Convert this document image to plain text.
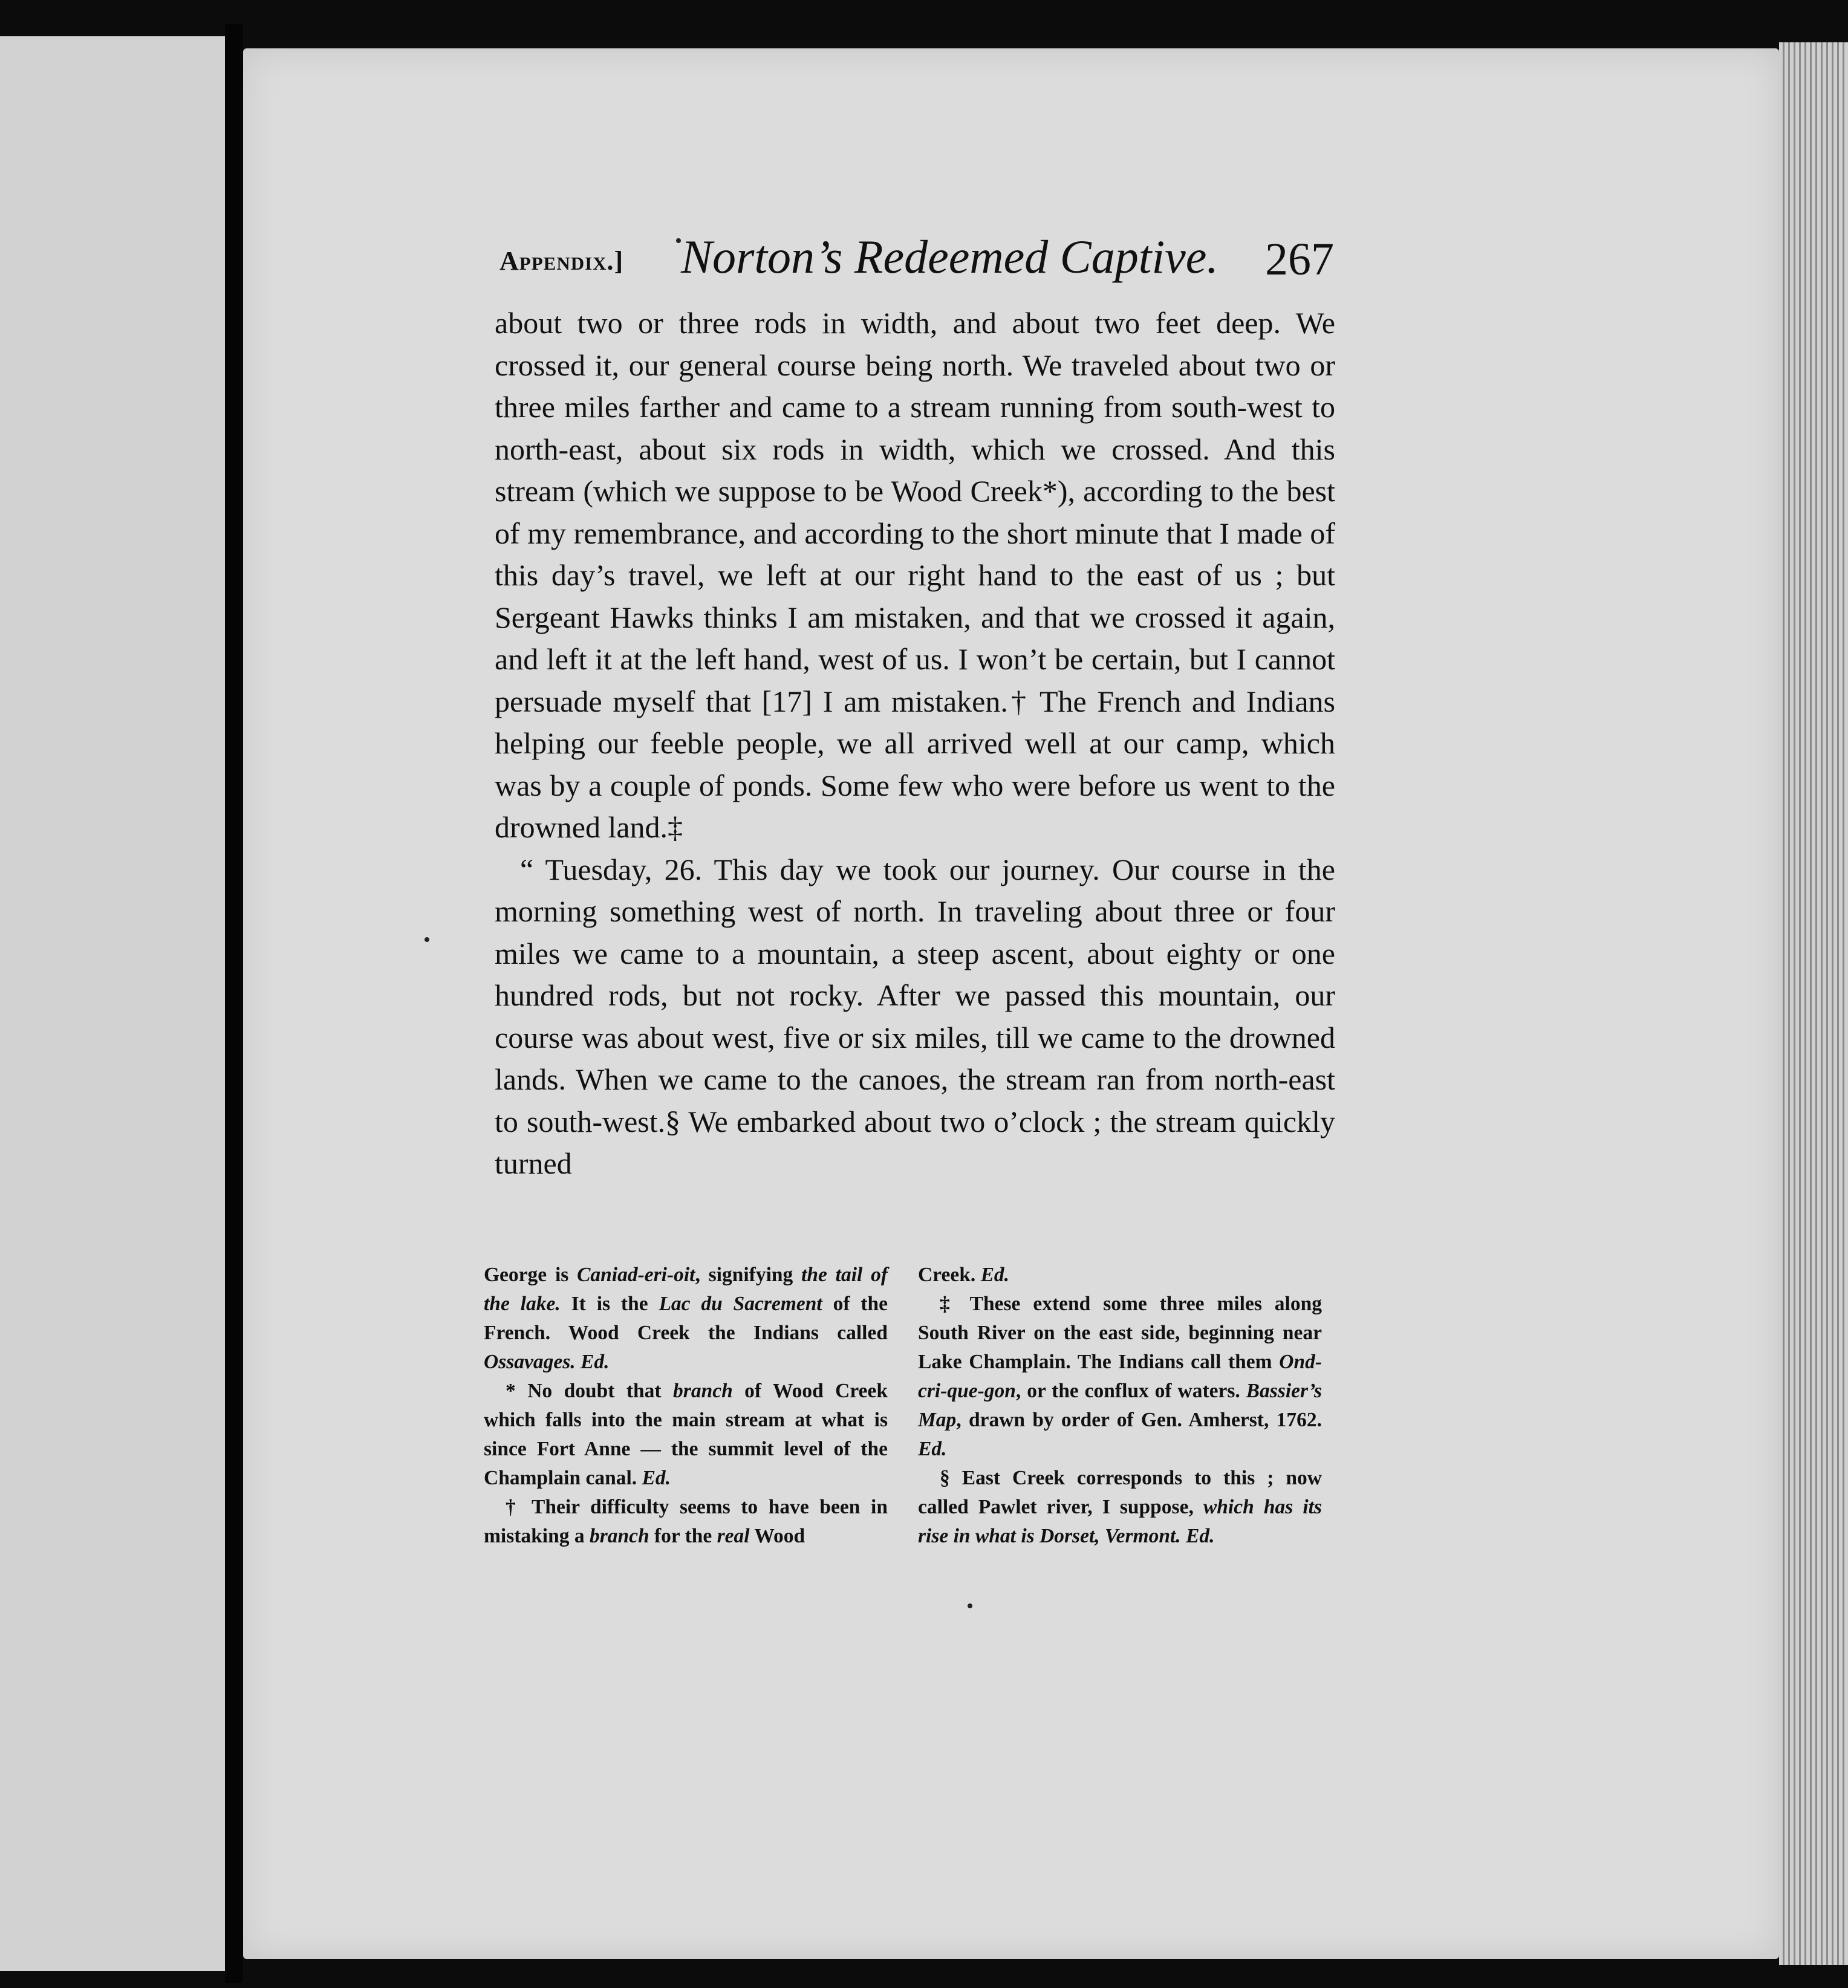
Appendix.] Norton’s Redeemed Captive. 267

about two or three rods in width, and about two feet deep. We crossed it, our general course being north. We traveled about two or three miles farther and came to a stream running from south-west to north-east, about six rods in width, which we crossed. And this stream (which we suppose to be Wood Creek*), according to the best of my remembrance, and according to the short minute that I made of this day’s travel, we left at our right hand to the east of us ; but Sergeant Hawks thinks I am mistaken, and that we crossed it again, and left it at the left hand, west of us. I won’t be certain, but I cannot persuade myself that [17] I am mistaken.† The French and Indians helping our feeble people, we all arrived well at our camp, which was by a couple of ponds. Some few who were before us went to the drowned land.‡

“ Tuesday, 26. This day we took our journey. Our course in the morning something west of north. In traveling about three or four miles we came to a mountain, a steep ascent, about eighty or one hundred rods, but not rocky. After we passed this mountain, our course was about west, five or six miles, till we came to the drowned lands. When we came to the canoes, the stream ran from north-east to south-west.§ We embarked about two o’clock ; the stream quickly turned

George is Caniad-eri-oit, signifying the tail of the lake. It is the Lac du Sacrement of the French. Wood Creek the Indians called Ossavages. Ed.

* No doubt that branch of Wood Creek which falls into the main stream at what is since Fort Anne — the summit level of the Champlain canal. Ed.

† Their difficulty seems to have been in mistaking a branch for the real Wood

Creek. Ed.

‡ These extend some three miles along South River on the east side, beginning near Lake Champlain. The Indians call them Ond-cri-que-gon, or the conflux of waters. Bassier’s Map, drawn by order of Gen. Amherst, 1762. Ed.

§ East Creek corresponds to this ; now called Pawlet river, I suppose, which has its rise in what is Dorset, Vermont. Ed.
